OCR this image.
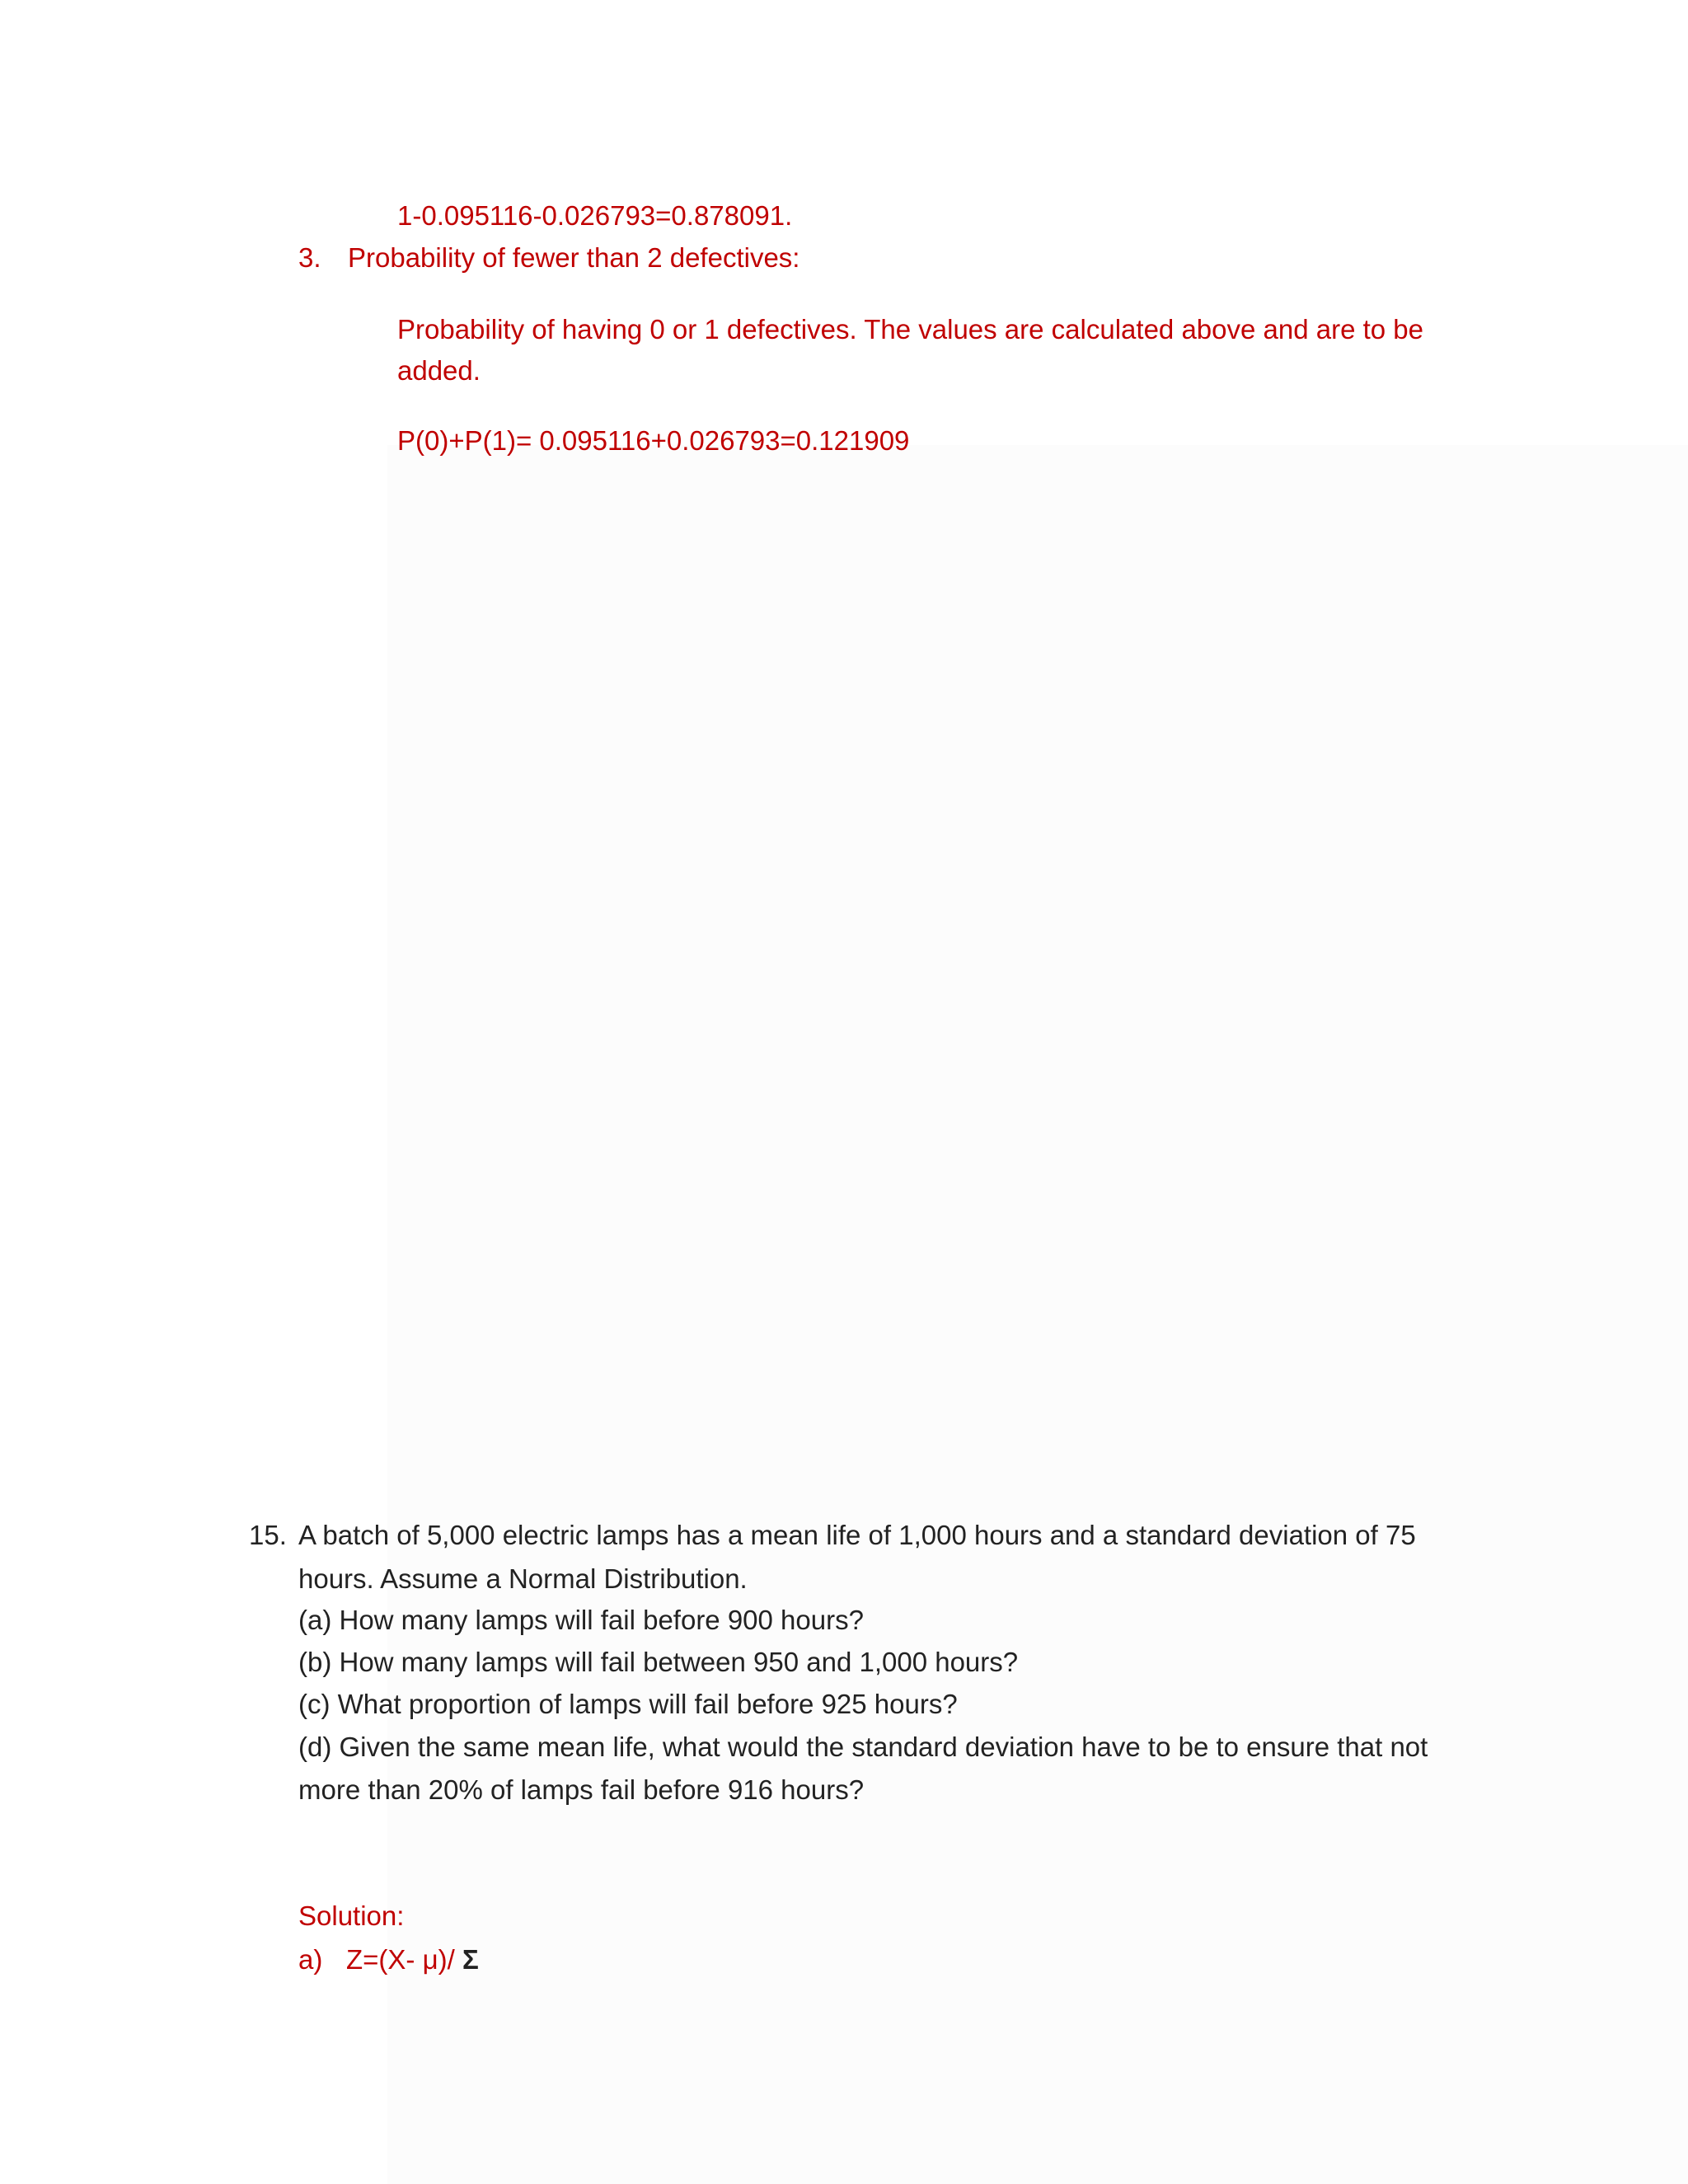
1-0.095116-0.026793=0.878091.
3. Probability of fewer than 2 defectives:
Probability of having 0 or 1 defectives. The values are calculated above and are to be
added.
P(0)+P(1)= 0.095116+0.026793=0.121909
15. A batch of 5,000 electric lamps has a mean life of 1,000 hours and a standard deviation of 75
hours. Assume a Normal Distribution.
(a) How many lamps will fail before 900 hours?
(b) How many lamps will fail between 950 and 1,000 hours?
(c) What proportion of lamps will fail before 925 hours?
(d) Given the same mean life, what would the standard deviation have to be to ensure that not
more than 20% of lamps fail before 916 hours?
Solution:
a) Z=(X- μ)/ Σ
